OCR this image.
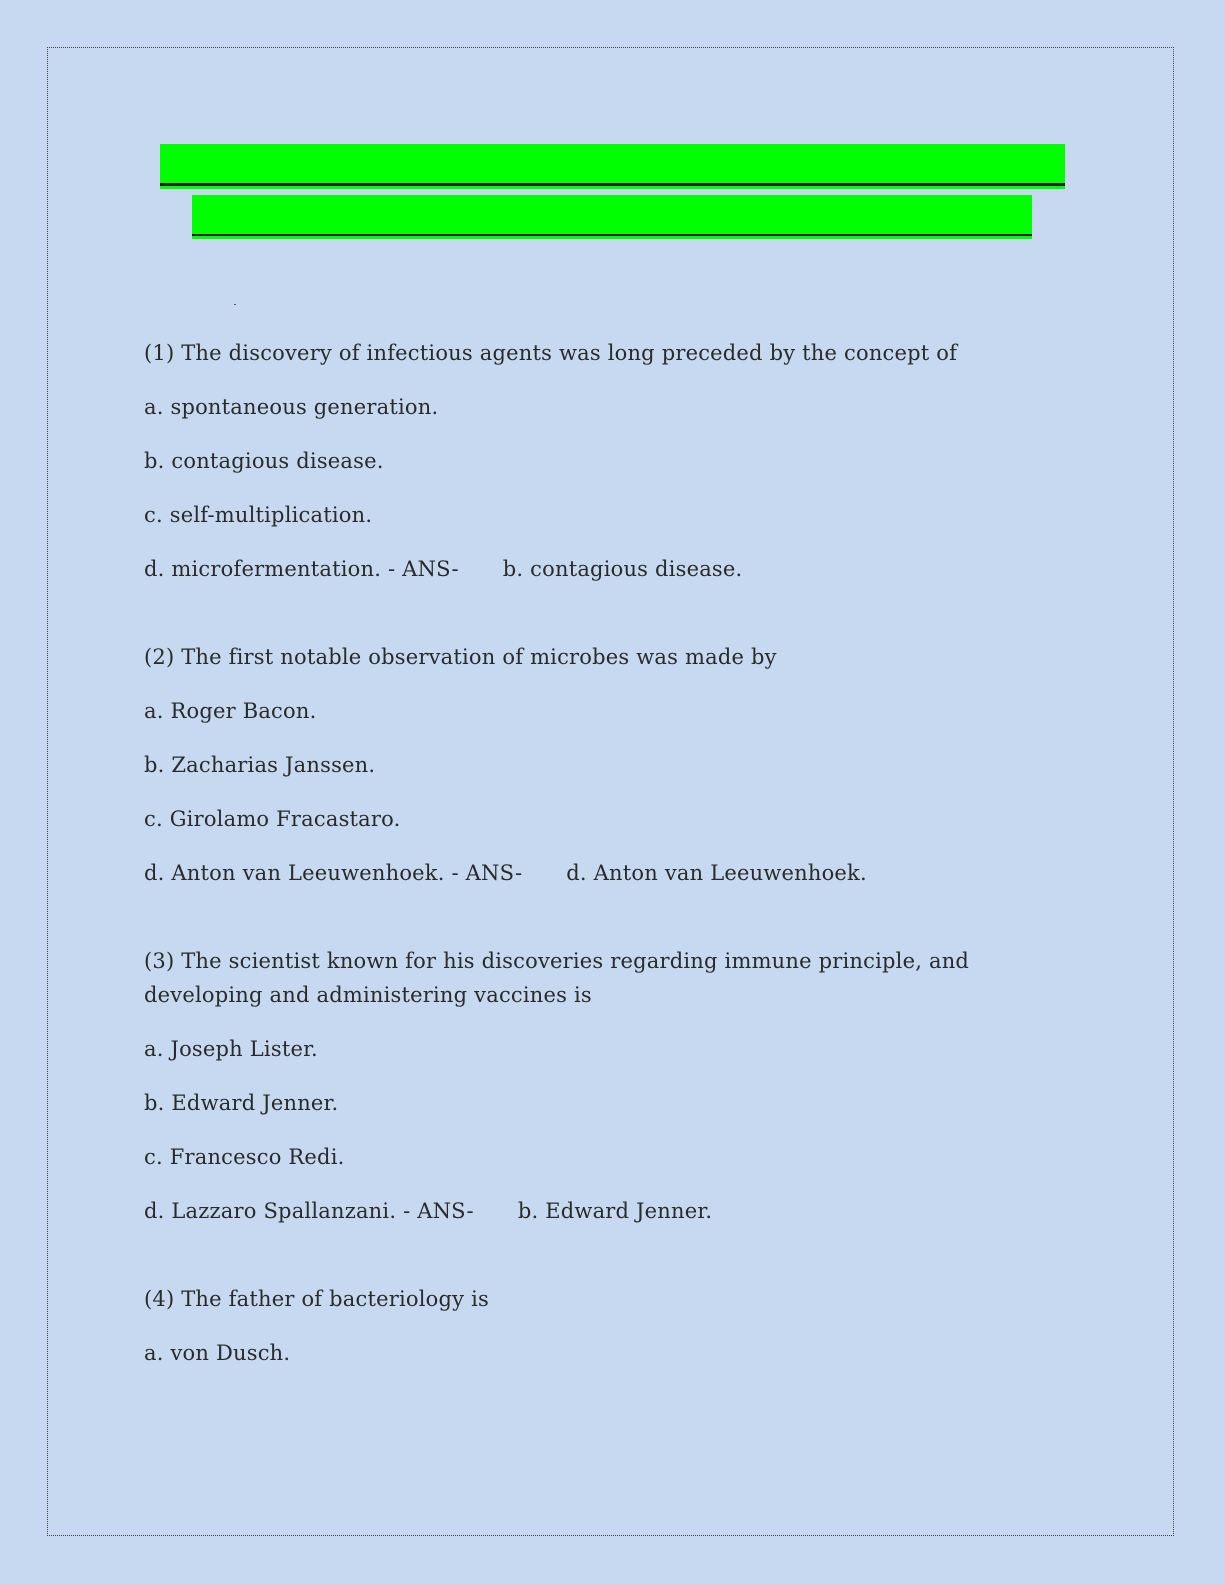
(1) The discovery of infectious agents was long preceded by the concept of
a. spontaneous generation.
b. contagious disease.
c. self-multiplication.
d. microfermentation. - ANS- b. contagious disease.
(2) The first notable observation of microbes was made by
a. Roger Bacon.
b. Zacharias Janssen.
c. Girolamo Fracastaro.
d. Anton van Leeuwenhoek. - ANS- d. Anton van Leeuwenhoek.
(3) The scientist known for his discoveries regarding immune principle, and developing and administering vaccines is
a. Joseph Lister.
b. Edward Jenner.
c. Francesco Redi.
d. Lazzaro Spallanzani. - ANS- b. Edward Jenner.
(4) The father of bacteriology is
a. von Dusch.
